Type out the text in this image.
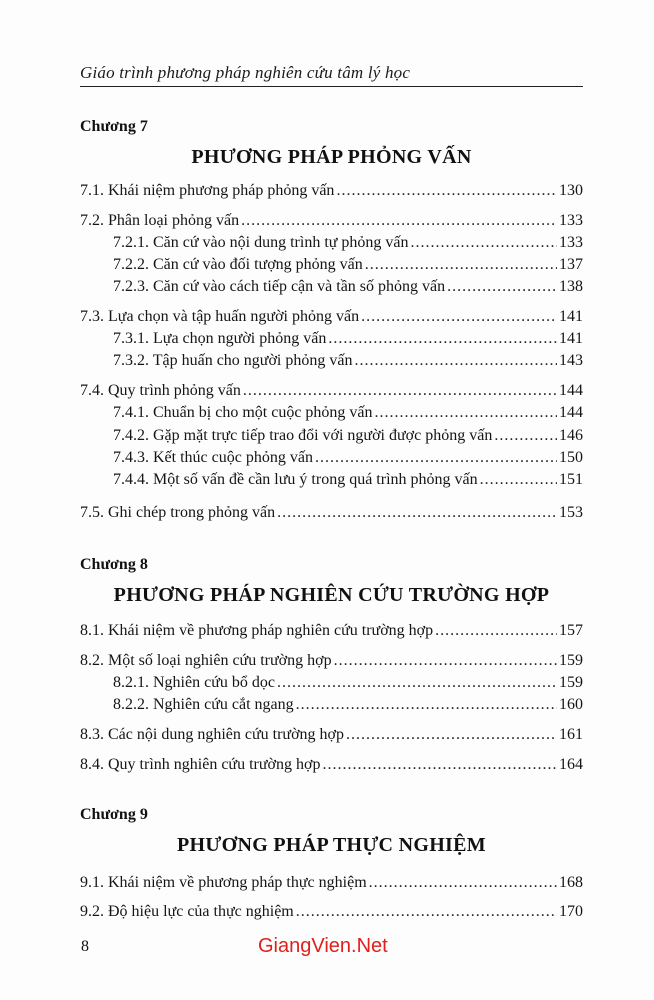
Giáo trình phương pháp nghiên cứu tâm lý học
Chương 7
PHƯƠNG PHÁP PHỎNG VẤN
7.1. Khái niệm phương pháp phỏng vấn .....	130
7.2. Phân loại phỏng vấn .....	133
7.2.1. Căn cứ vào nội dung trình tự phỏng vấn .....	133
7.2.2. Căn cứ vào đối tượng phỏng vấn .....	137
7.2.3. Căn cứ vào cách tiếp cận và tần số phỏng vấn .....	138
7.3. Lựa chọn và tập huấn người phỏng vấn .....	141
7.3.1. Lựa chọn người phỏng vấn .....	141
7.3.2. Tập huấn cho người phỏng vấn .....	143
7.4. Quy trình phỏng vấn .....	144
7.4.1. Chuẩn bị cho một cuộc phỏng vấn .....	144
7.4.2. Gặp mặt trực tiếp trao đổi với người được phỏng vấn .....	146
7.4.3. Kết thúc cuộc phỏng vấn .....	150
7.4.4. Một số vấn đề cần lưu ý trong quá trình phỏng vấn .....	151
7.5. Ghi chép trong phỏng vấn .....	153
Chương 8
PHƯƠNG PHÁP NGHIÊN CỨU TRƯỜNG HỢP
8.1. Khái niệm về phương pháp nghiên cứu trường hợp .....	157
8.2. Một số loại nghiên cứu trường hợp .....	159
8.2.1. Nghiên cứu bổ dọc .....	159
8.2.2. Nghiên cứu cắt ngang .....	160
8.3. Các nội dung nghiên cứu trường hợp .....	161
8.4. Quy trình nghiên cứu trường hợp .....	164
Chương 9
PHƯƠNG PHÁP THỰC NGHIỆM
9.1. Khái niệm về phương pháp thực nghiệm .....	168
9.2. Độ hiệu lực của thực nghiệm .....	170
8	GiangVien.Net
